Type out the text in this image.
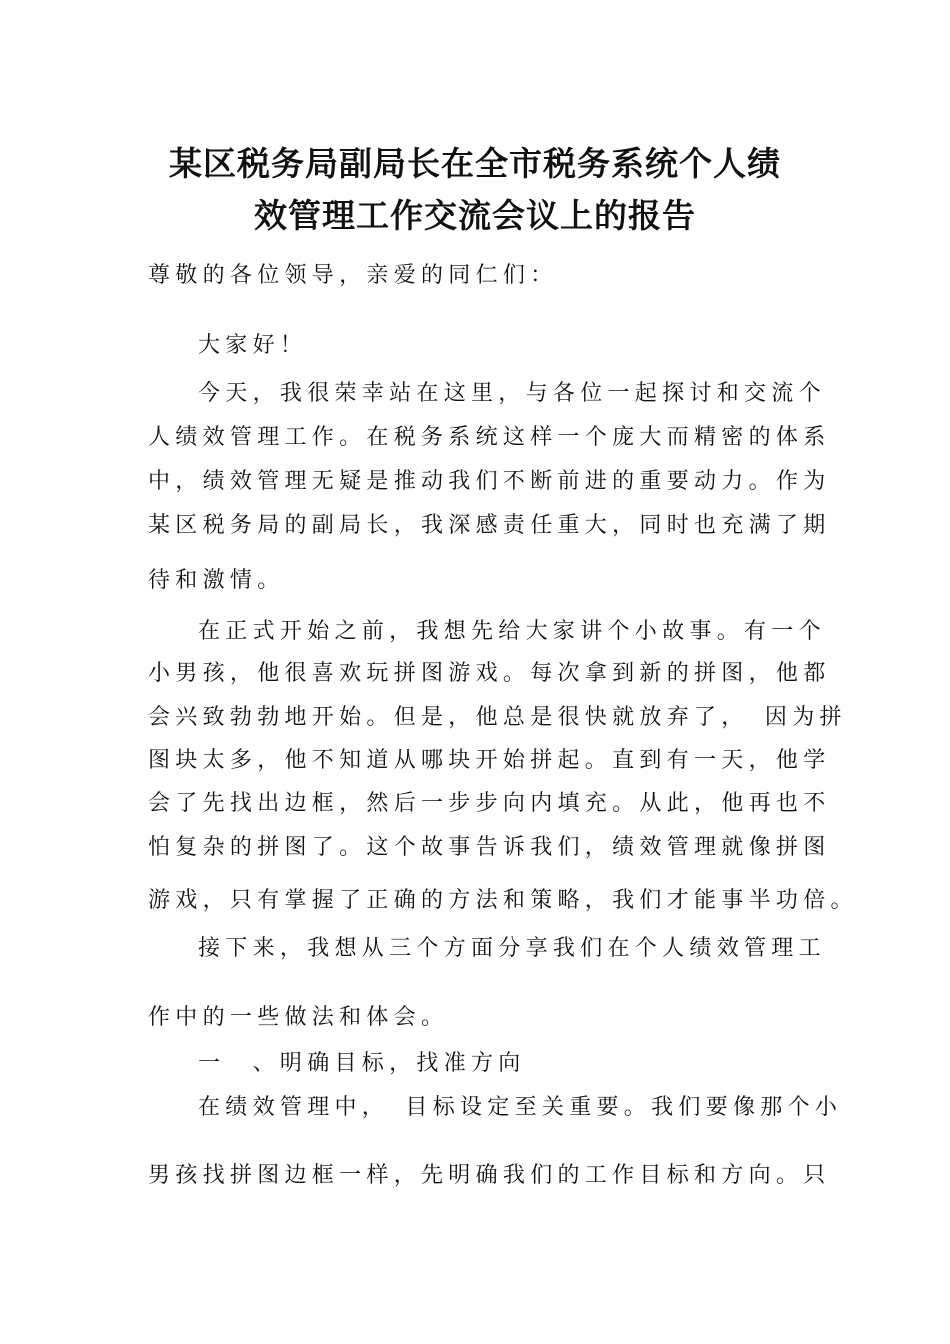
某区税务局副局长在全市税务系统个人绩
效管理工作交流会议上的报告
尊敬的各位领导，亲爱的同仁们：
大家好！
今天，我很荣幸站在这里，与各位一起探讨和交流个
人绩效管理工作。在税务系统这样一个庞大而精密的体系
中，绩效管理无疑是推动我们不断前进的重要动力。作为
某区税务局的副局长，我深感责任重大，同时也充满了期
待和激情。
在正式开始之前，我想先给大家讲个小故事。有一个
小男孩，他很喜欢玩拼图游戏。每次拿到新的拼图，他都
会兴致勃勃地开始。但是，他总是很快就放弃了，　因为拼
图块太多，他不知道从哪块开始拼起。直到有一天，他学
会了先找出边框，然后一步步向内填充。从此，他再也不
怕复杂的拼图了。这个故事告诉我们，绩效管理就像拼图
游戏，只有掌握了正确的方法和策略，我们才能事半功倍。
接下来，我想从三个方面分享我们在个人绩效管理工
作中的一些做法和体会。
一　、明确目标，找准方向
在绩效管理中，　目标设定至关重要。我们要像那个小
男孩找拼图边框一样，先明确我们的工作目标和方向。只
